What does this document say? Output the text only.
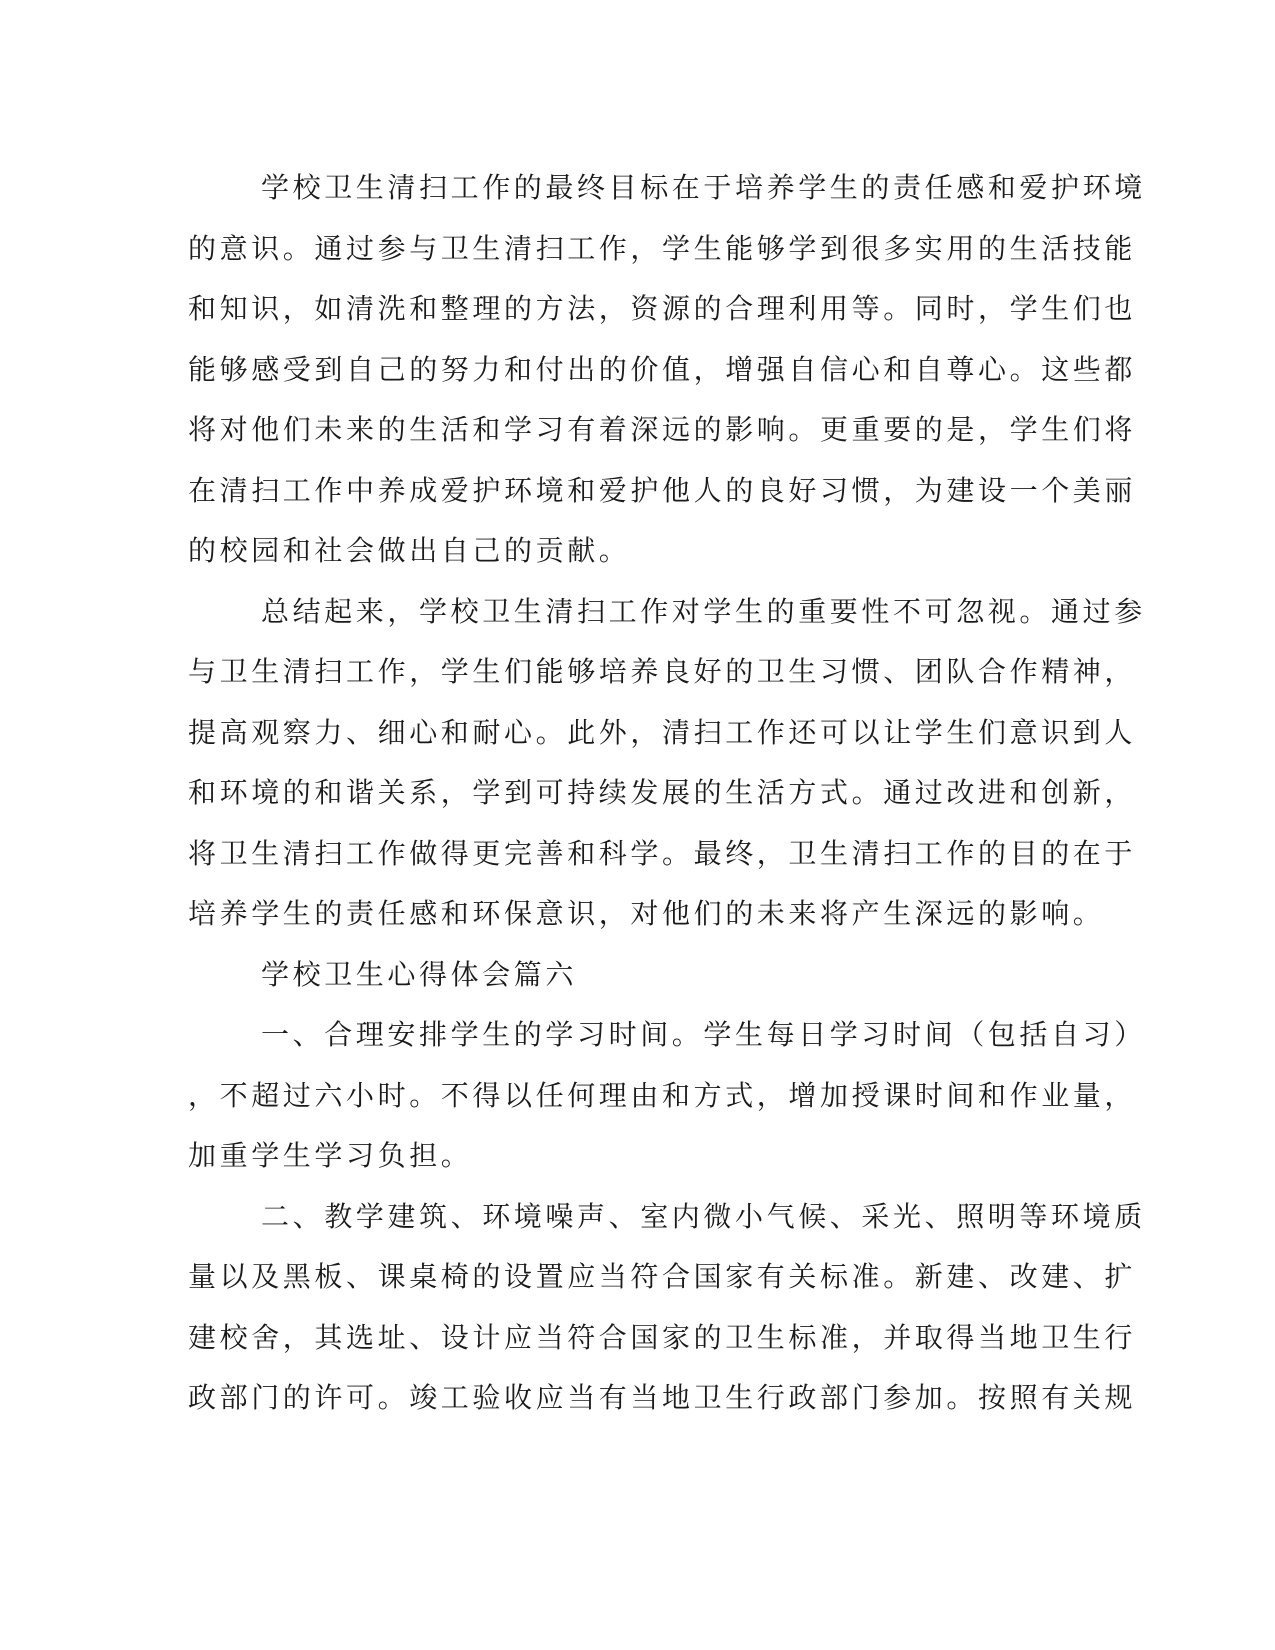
学校卫生清扫工作的最终目标在于培养学生的责任感和爱护环境
的意识。通过参与卫生清扫工作，学生能够学到很多实用的生活技能
和知识，如清洗和整理的方法，资源的合理利用等。同时，学生们也
能够感受到自己的努力和付出的价值，增强自信心和自尊心。这些都
将对他们未来的生活和学习有着深远的影响。更重要的是，学生们将
在清扫工作中养成爱护环境和爱护他人的良好习惯，为建设一个美丽
的校园和社会做出自己的贡献。
总结起来，学校卫生清扫工作对学生的重要性不可忽视。通过参
与卫生清扫工作，学生们能够培养良好的卫生习惯、团队合作精神，
提高观察力、细心和耐心。此外，清扫工作还可以让学生们意识到人
和环境的和谐关系，学到可持续发展的生活方式。通过改进和创新，
将卫生清扫工作做得更完善和科学。最终，卫生清扫工作的目的在于
培养学生的责任感和环保意识，对他们的未来将产生深远的影响。
学校卫生心得体会篇六
一、合理安排学生的学习时间。学生每日学习时间（包括自习）
，不超过六小时。不得以任何理由和方式，增加授课时间和作业量，
加重学生学习负担。
二、教学建筑、环境噪声、室内微小气候、采光、照明等环境质
量以及黑板、课桌椅的设置应当符合国家有关标准。新建、改建、扩
建校舍，其选址、设计应当符合国家的卫生标准，并取得当地卫生行
政部门的许可。竣工验收应当有当地卫生行政部门参加。按照有关规
